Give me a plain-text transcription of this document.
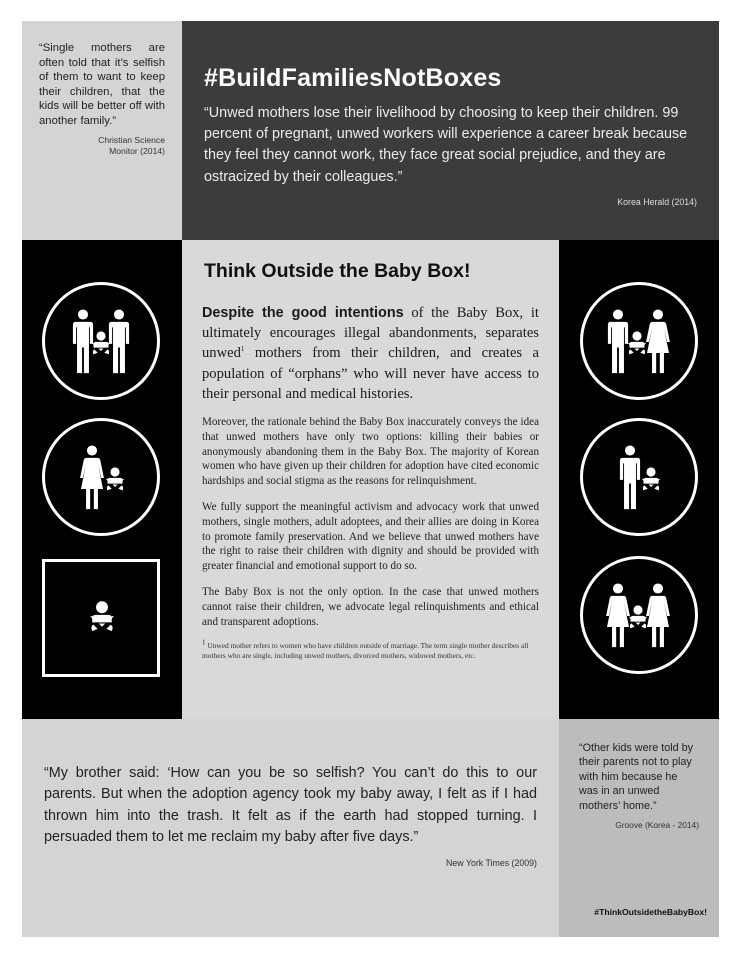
“Single mothers are often told that it’s selfish of them to want to keep their children, that the kids will be better off with another family.”
Christian Science Monitor (2014)
#BuildFamiliesNotBoxes
“Unwed mothers lose their livelihood by choosing to keep their children. 99 percent of pregnant, unwed workers will experience a career break because they feel they cannot work, they face great social prejudice, and they are ostracized by their colleagues.”
Korea Herald (2014)
Think Outside the Baby Box!
Despite the good intentions of the Baby Box, it ultimately encourages illegal abandonments, separates unwed$^1$ mothers from their children, and creates a population of “orphans” who will never have access to their personal and medical histories.
Moreover, the rationale behind the Baby Box inaccurately conveys the idea that unwed mothers have only two options: killing their babies or anonymously abandoning them in the Baby Box. The majority of Korean women who have given up their children for adoption have cited economic hardships and social stigma as the reasons for relinquishment.
We fully support the meaningful activism and advocacy work that unwed mothers, single mothers, adult adoptees, and their allies are doing in Korea to promote family preservation. And we believe that unwed mothers have the right to raise their children with dignity and should be provided with greater financial and emotional support to do so.
The Baby Box is not the only option. In the case that unwed mothers cannot raise their children, we advocate legal relinquishments and ethical and transparent adoptions.
$^1$ Unwed mother refers to women who have children outside of marriage. The term single mother describes all mothers who are single, including unwed mothers, divorced mothers, widowed mothers, etc.
“My brother said: ‘How can you be so selfish? You can’t do this to our parents. But when the adoption agency took my baby away, I felt as if I had thrown him into the trash. It felt as if the earth had stopped turning. I persuaded them to let me reclaim my baby after five days.”
New York Times (2009)
“Other kids were told by their parents not to play with him because he was in an unwed mothers’ home.”
Groove (Korea - 2014)
#ThinkOutsidetheBabyBox!
